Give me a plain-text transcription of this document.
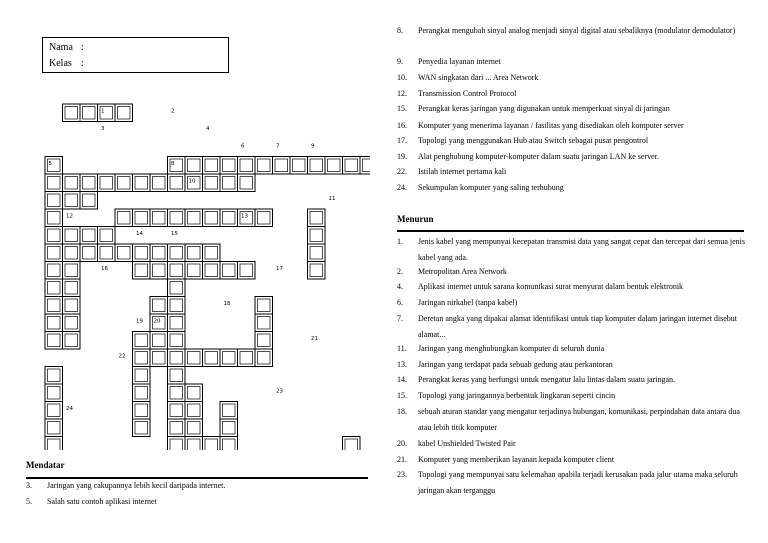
Nama :
Kelas :
1	2
3	4
5
6	7
8
9
10
11
12	13
14	15
16	17
18
19 20
21
22
23
24
Mendatar
3.	Jaringan yang cakupannya lebih kecil daripada internet.
5.	Salah satu contoh aplikasi internet
8.	Perangkat mengubah sinyal analog menjadi sinyal digital atau sebaliknya (modulator demodulator)
9.	Penyedia layanan internet
10.	WAN singkatan dari ... Area Network
12.	Transmission Control Protocol
15.	Perangkat keras jaringan yang digunakan untuk memperkuat sinyal di jaringan
16.	Komputer yang menerima layanan / fasilitas yang disediakan oleh komputer server
17.	Topologi yang menggunakan Hub atau Switch sebagai pusat pengontrol
19.	Alat penghubung komputer-komputer dalam suatu jaringan LAN ke server.
22.	Istilah internet pertama kali
24.	Sekumpulan komputer yang saling terhubung
Menurun
1.	Jenis kabel yang mempunyai kecepatan transmisi data yang sangat cepat dan tercepat dari semua jenis kabel yang ada.
2.	Metropolitan Area Network
4.	Aplikasi internet untuk sarana komunikasi surat menyurat dalam bentuk elektronik
6.	Jaringan nirkabel (tanpa kabel)
7.	Deretan angka yang dipakai alamat identifikasi untuk tiap komputer dalam jaringan internet disebut alamat...
11.	Jaringan yang menghubungkan komputer di seluruh dunia
13.	Jaringan yang terdapat pada sebuah gedung atau perkantoran
14.	Perangkat keras yang berfungsi untuk mengatur lalu lintas dalam suatu jaringan.
15.	Topologi yang jaringannya berbentuk lingkaran seperti cincin
18.	sebuah aturan standar yang mengatur terjadinya hubungan, komunikasi, perpindahan data antara dua atau lebih titik komputer
20.	kabel Unshielded Twisted Pair
21.	Komputer yang memberikan layanan kepada komputer client
23.	Topologi yang mempunyai satu kelemahan apabila terjadi kerusakan pada jalur utama maka seluruh jaringan akan terganggu
